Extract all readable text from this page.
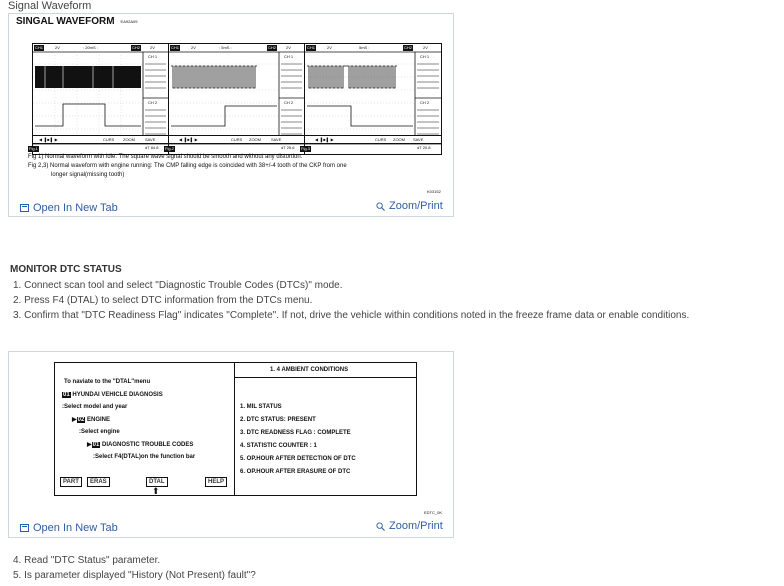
Signal Waveform
SINGAL WAVEFORM EA92A09
CH1	2V	: 20mS :	CH2 2V
CH 1
CH 2
dT 84.8
CH1	2V	: 5mS :	CH2 2V
CH 1
CH 2
dT 25.6
CH1	2V	5mS :	CH2	2V
CH 1
CH 2
dT 20.8
◀ ▐ ■ ▌ ▶	CURS ZOOM	SAVE	◀ ▐ ■ ▌ ▶	CURS ZOOM	SAVE	◀ ▐ ■ ▌ ▶	CURS ZOOM SAVE
Fig.1	Fig.2	Fig.3
Fig 1) Normal waveform with idle: The square wave signal should be smooth and without any distortion.
Fig 2,3) Normal waveform with engine running: The CMP falling edge is coincided with 38+/-4 tooth of the CKP from one
longer signal(missing tooth)
K03152
Open In New Tab	Zoom/Print
MONITOR DTC STATUS
1. Connect scan tool and select "Diagnostic Trouble Codes (DTCs)" mode.
2. Press F4 (DTAL) to select DTC information from the DTCs menu.
3. Confirm that "DTC Readiness Flag" indicates "Complete". If not, drive the vehicle within conditions noted in the freeze frame data or enable conditions.
To naviate to the "DTAL"menu
01 HYUNDAI VEHICLE DIAGNOSIS
:Select model and year
▶02 ENGINE
:Select engine
▶01 DIAGNOSTIC TROUBLE CODES
:Select F4(DTAL)on the function bar
PART	ERAS	DTAL	HELP
⬆
1. 4 AMBIENT CONDITIONS
1. MIL STATUS
2. DTC STATUS: PRESENT
3. DTC READNESS FLAG : COMPLETE
4. STATISTIC COUNTER : 1
5. OP.HOUR AFTER DETECTION OF DTC
6. OP.HOUR AFTER ERASURE OF DTC
EDTC_0K
Open In New Tab	Zoom/Print
4. Read "DTC Status" parameter.
5. Is parameter displayed "History (Not Present) fault"?
